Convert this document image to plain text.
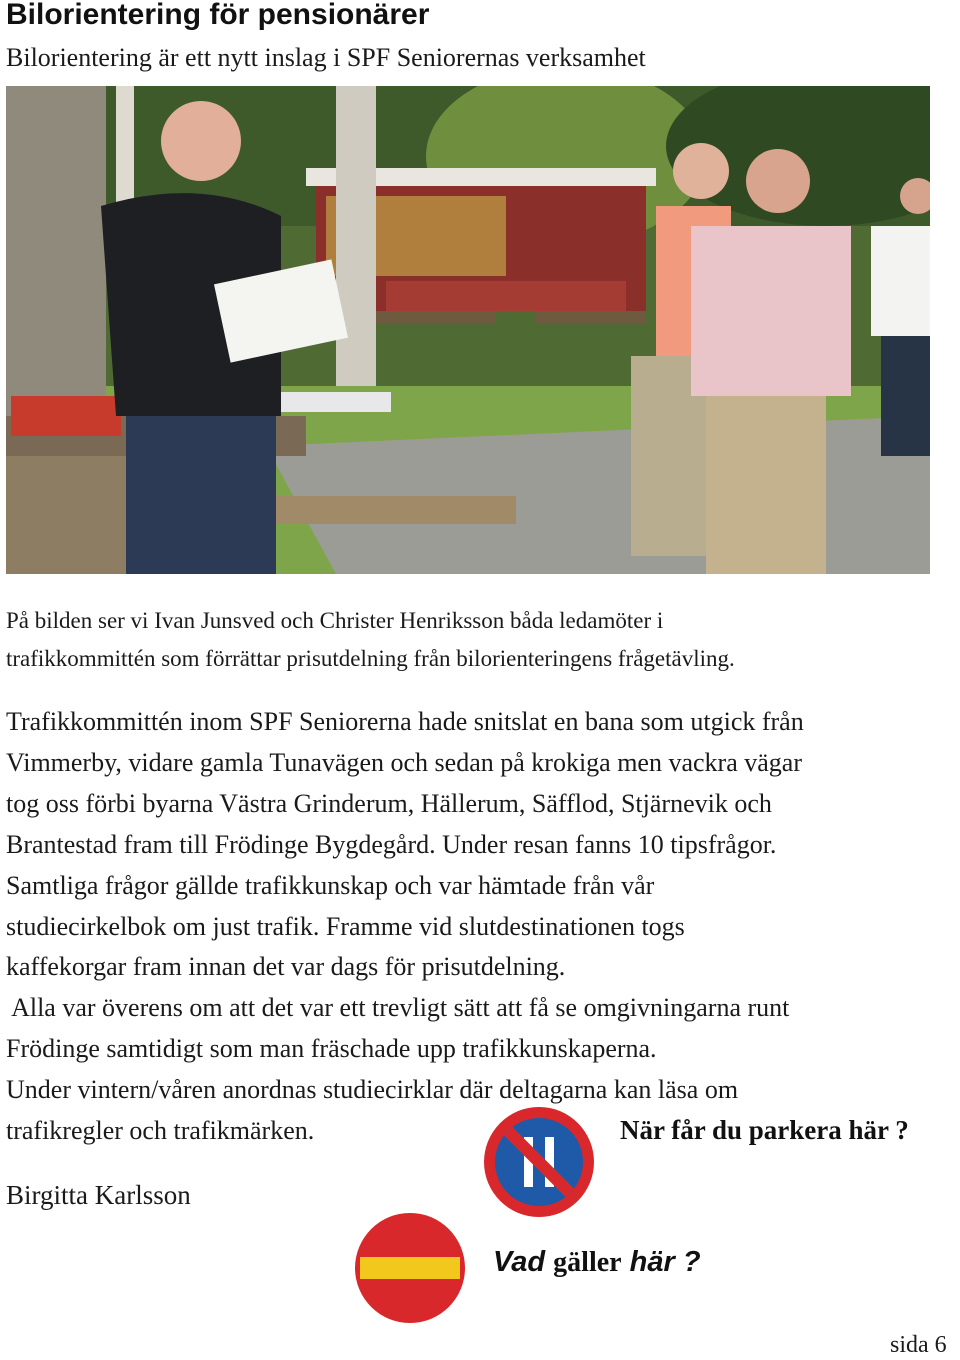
Bilorientering för pensionärer
Bilorientering är ett nytt inslag i SPF Seniorernas verksamhet

På bilden ser vi Ivan Junsved och Christer Henriksson båda ledamöter i

trafikkommittén som förrättar prisutdelning från bilorienteringens frågetävling.

Trafikkommittén inom SPF Seniorerna hade snitslat en bana som utgick från

Vimmerby, vidare gamla Tunavägen och sedan på krokiga men vackra vägar

tog oss förbi byarna Västra Grinderum, Hällerum, Säfflod, Stjärnevik och

Brantestad fram till Frödinge Bygdegård. Under resan fanns 10 tipsfrågor.

Samtliga frågor gällde trafikkunskap och var hämtade från vår

studiecirkelbok om just trafik. Framme vid slutdestinationen togs

kaffekorgar fram innan det var dags för prisutdelning.

Alla var överens om att det var ett trevligt sätt att få se omgivningarna runt

Frödinge samtidigt som man fräschade upp trafikkunskaperna.

Under vintern/våren anordnas studiecirklar där deltagarna kan läsa om

trafikregler och trafikmärken.	När får du parkera här ?
Birgitta Karlsson
Vad gäller här ?
sida 6
